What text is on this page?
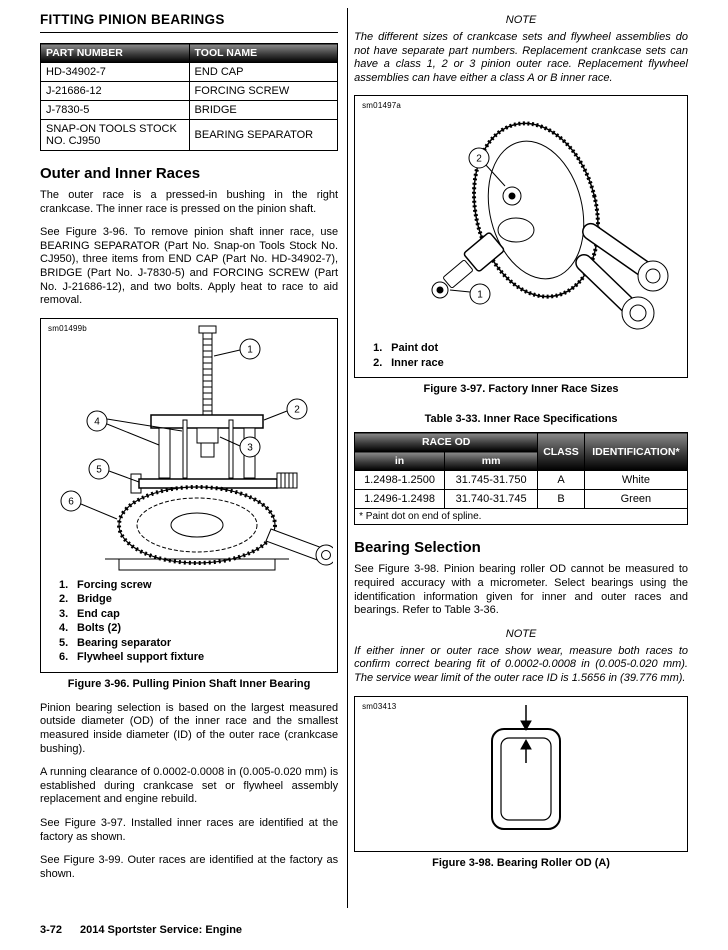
FITTING PINION BEARINGS
PART NUMBER	TOOL NAME
HD-34902-7	END CAP
J-21686-12	FORCING SCREW
J-7830-5	BRIDGE
SNAP-ON TOOLS STOCK NO. CJ950	BEARING SEPARATOR
Outer and Inner Races

The outer race is a pressed-in bushing in the right crankcase. The inner race is pressed on the pinion shaft.

See Figure 3-96. To remove pinion shaft inner race, use BEARING SEPARATOR (Part No. Snap-on Tools Stock No. CJ950), three items from END CAP (Part No. HD-34902-7), BRIDGE (Part No. J-7830-5) and FORCING SCREW (Part No. J-21686-12), and two bolts. Apply heat to race to aid removal.

sm01499b
1
2
3
4
5
6
1. Forcing screw
2. Bridge
3. End cap
4. Bolts (2)
5. Bearing separator
6. Flywheel support fixture
Figure 3-96. Pulling Pinion Shaft Inner Bearing

Pinion bearing selection is based on the largest measured outside diameter (OD) of the inner race and the smallest measured inside diameter (ID) of the outer race (crankcase bushing).

A running clearance of 0.0002-0.0008 in (0.005-0.020 mm) is established during crankcase set or flywheel assembly replacement and engine rebuild.

See Figure 3-97. Installed inner races are identified at the factory as shown.

See Figure 3-99. Outer races are identified at the factory as shown.

NOTE

The different sizes of crankcase sets and flywheel assemblies do not have separate part numbers. Replacement crankcase sets can have a class 1, 2 or 3 pinion outer race. Replacement flywheel assemblies can have either a class A or B inner race.

sm01497a
2
1
1. Paint dot
2. Inner race
Figure 3-97. Factory Inner Race Sizes
Table 3-33. Inner Race Specifications
RACE OD		CLASS	IDENTIFICATION*
in	mm		
1.2498-1.2500	31.745-31.750	A	White
1.2496-1.2498	31.740-31.745	B	Green
* Paint dot on end of spline.			
Bearing Selection

See Figure 3-98. Pinion bearing roller OD cannot be measured to required accuracy with a micrometer. Select bearings using the identification information given for inner and outer races and bearings. Refer to Table 3-36.

NOTE

If either inner or outer race show wear, measure both races to confirm correct bearing fit of 0.0002-0.0008 in (0.005-0.020 mm). The service wear limit of the outer race ID is 1.5656 in (39.776 mm).

sm03413
Figure 3-98. Bearing Roller OD (A)
3-72 2014 Sportster Service: Engine
